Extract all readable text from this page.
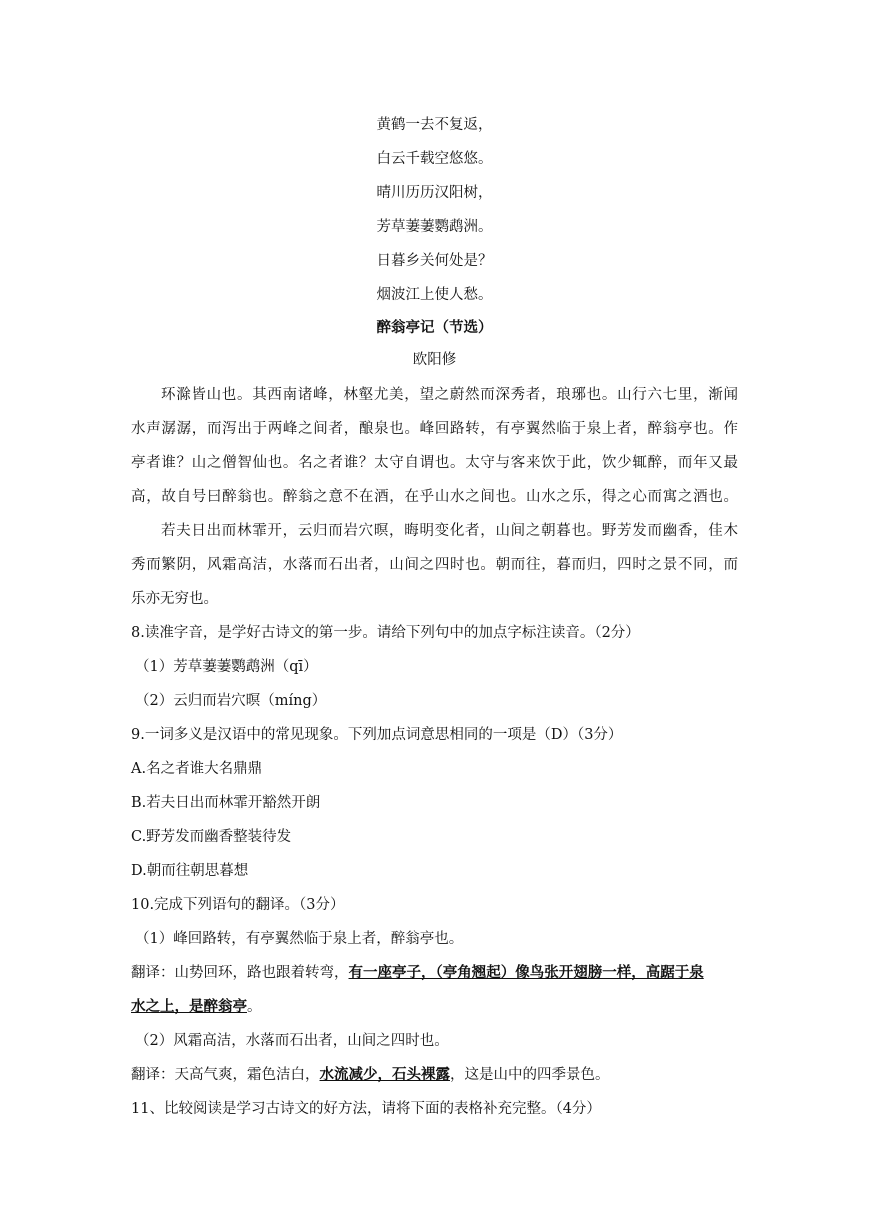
黄鹤一去不复返，
白云千载空悠悠。
晴川历历汉阳树，
芳草萋萋鹦鹉洲。
日暮乡关何处是？
烟波江上使人愁。
醉翁亭记（节选）
欧阳修
环滁皆山也。其西南诸峰，林壑尤美，望之蔚然而深秀者，琅琊也。山行六七里，渐闻
水声潺潺，而泻出于两峰之间者，酿泉也。峰回路转，有亭翼然临于泉上者，醉翁亭也。作
亭者谁？山之僧智仙也。名之者谁？太守自谓也。太守与客来饮于此，饮少辄醉，而年又最
高，故自号曰醉翁也。醉翁之意不在酒，在乎山水之间也。山水之乐，得之心而寓之酒也。
若夫日出而林霏开，云归而岩穴暝，晦明变化者，山间之朝暮也。野芳发而幽香，佳木
秀而繁阴，风霜高洁，水落而石出者，山间之四时也。朝而往，暮而归，四时之景不同，而
乐亦无穷也。
8.读准字音，是学好古诗文的第一步。请给下列句中的加点字标注读音。（2分）
（1）芳草萋萋鹦鹉洲（qī）
（2）云归而岩穴暝（míng）
9.一词多义是汉语中的常见现象。下列加点词意思相同的一项是（D）（3分）
A.名之者谁大名鼎鼎
B.若夫日出而林霏开豁然开朗
C.野芳发而幽香整装待发
D.朝而往朝思暮想
10.完成下列语句的翻译。（3分）
（1）峰回路转，有亭翼然临于泉上者，醉翁亭也。
翻译：山势回环，路也跟着转弯，有一座亭子，（亭角翘起）像鸟张开翅膀一样，高踞于泉
水之上，是醉翁亭。
（2）风霜高洁，水落而石出者，山间之四时也。
翻译：天高气爽，霜色洁白，水流减少，石头裸露，这是山中的四季景色。
11、比较阅读是学习古诗文的好方法，请将下面的表格补充完整。（4分）
